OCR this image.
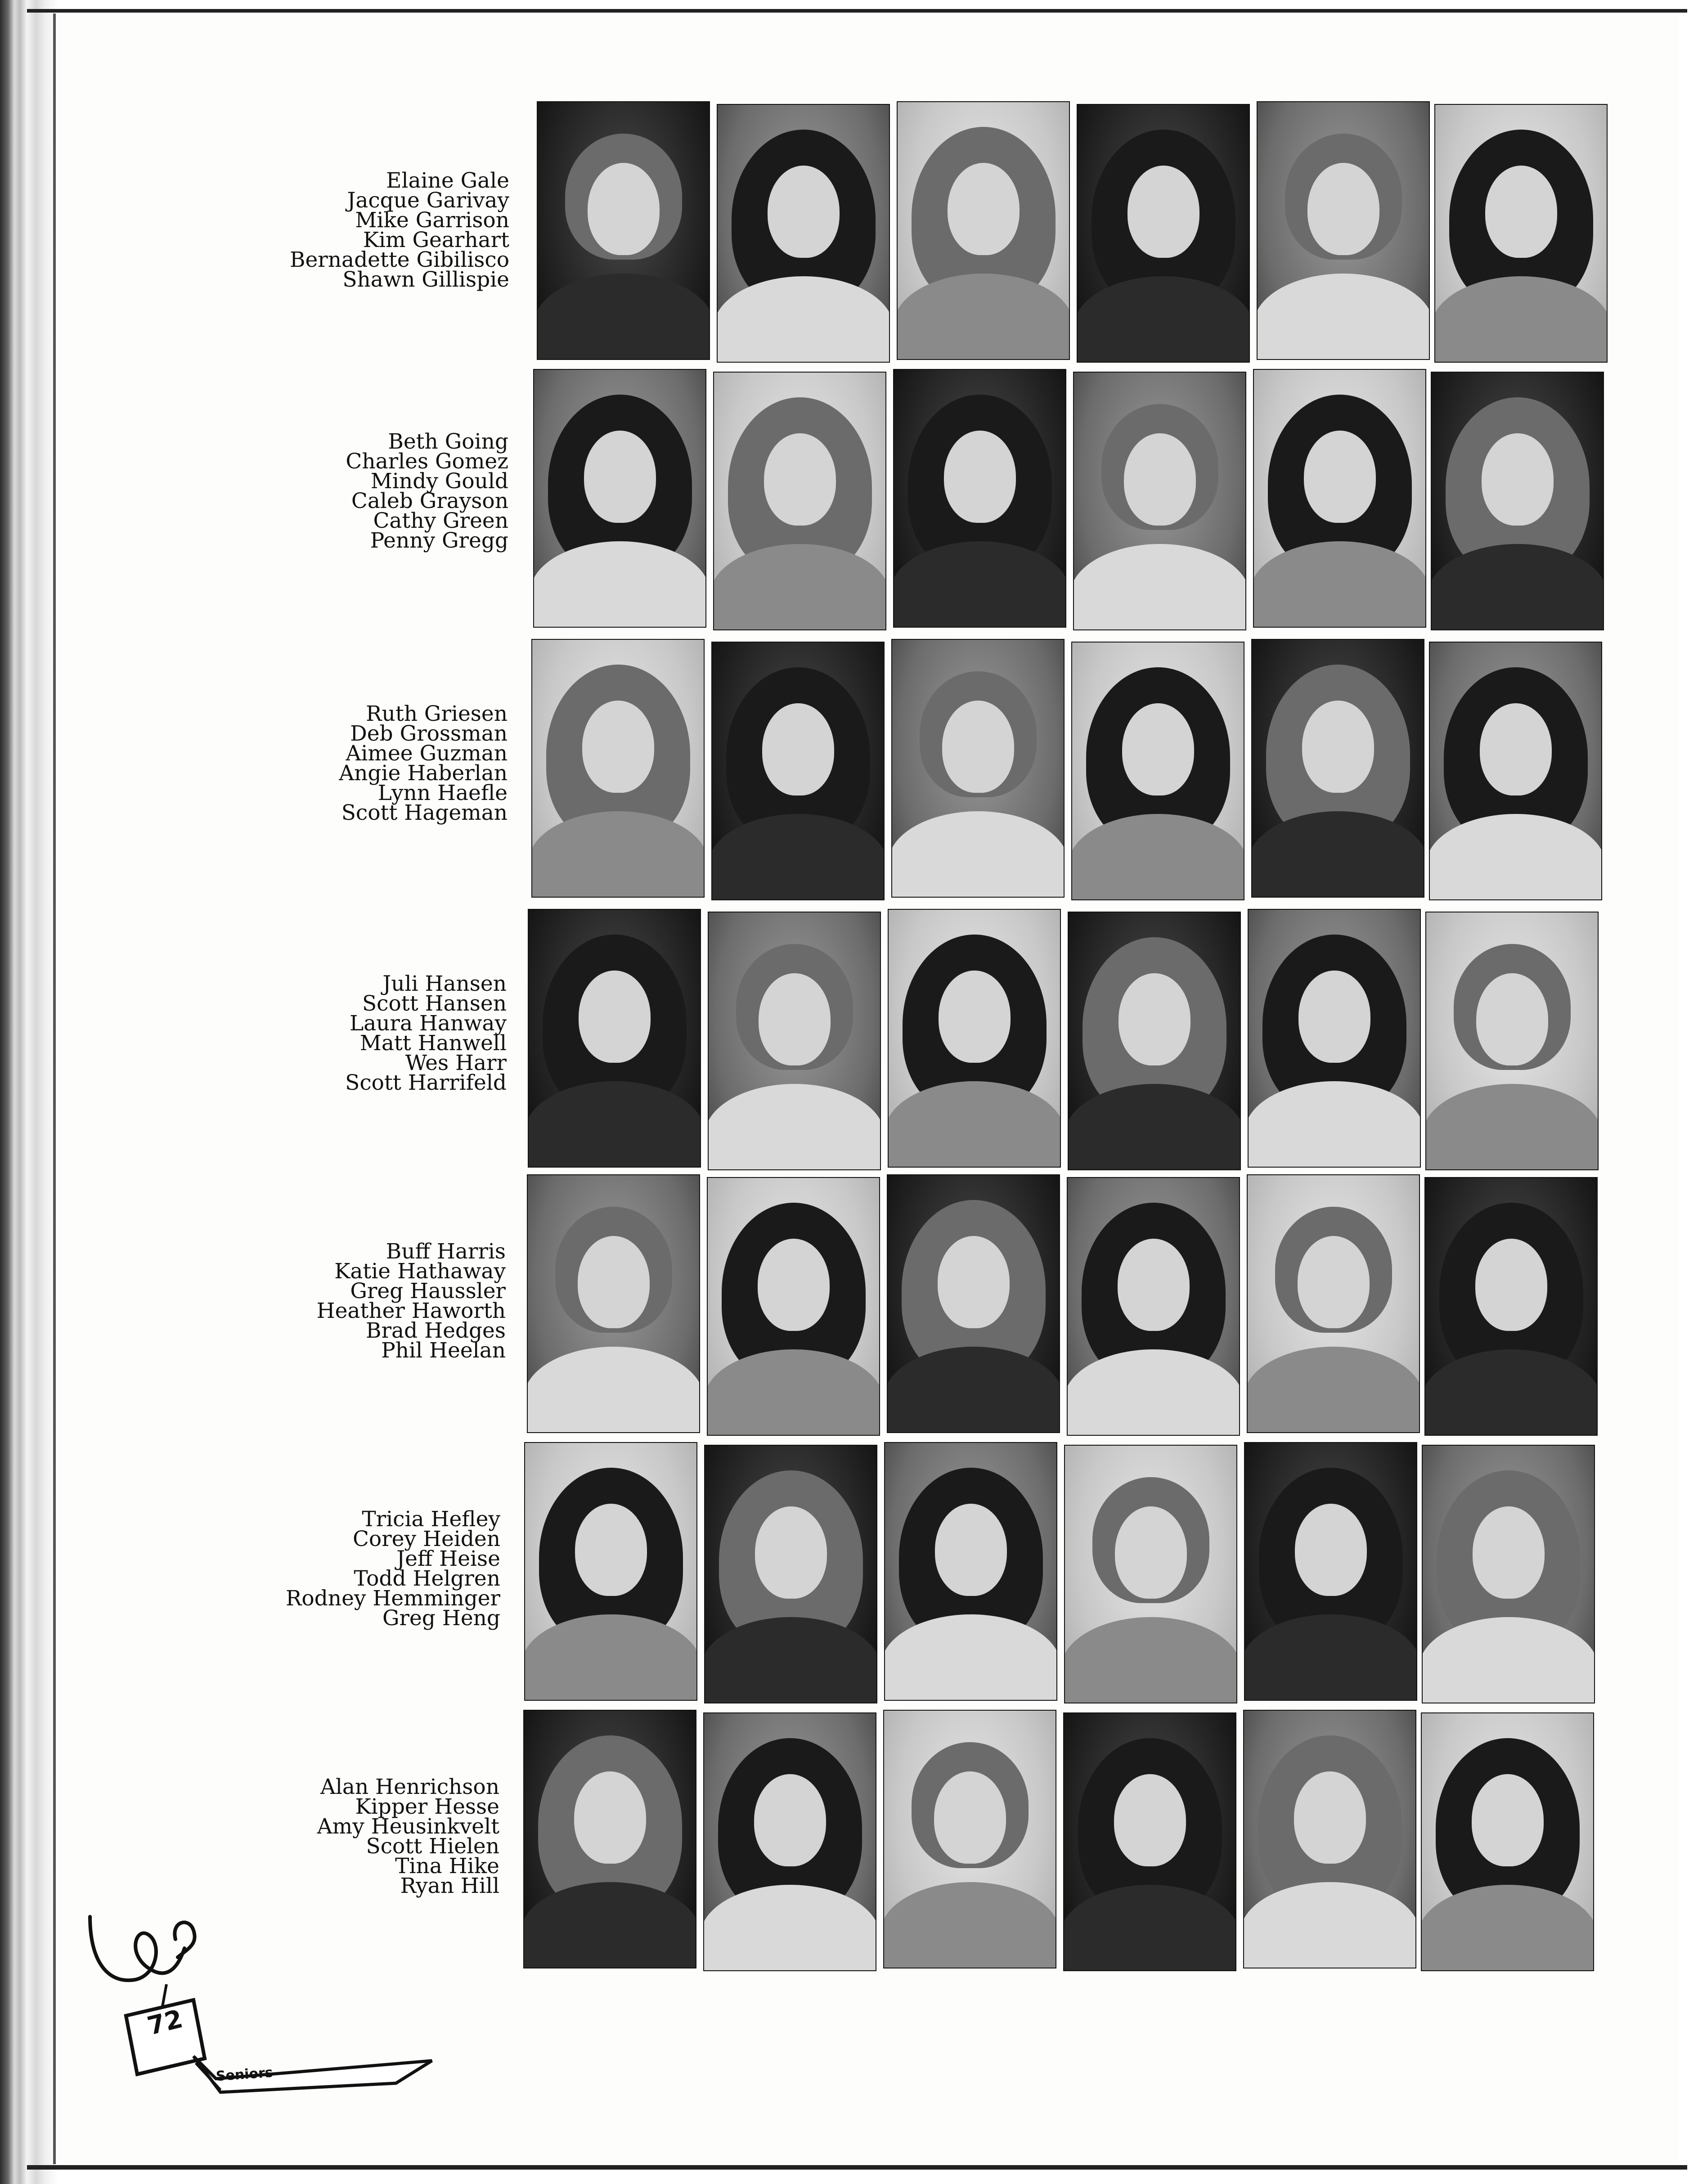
Elaine Gale
Jacque Garivay
Mike Garrison
Kim Gearhart
Bernadette Gibilisco
Shawn Gillispie
Beth Going
Charles Gomez
Mindy Gould
Caleb Grayson
Cathy Green
Penny Gregg
Ruth Griesen
Deb Grossman
Aimee Guzman
Angie Haberlan
Lynn Haefle
Scott Hageman
Juli Hansen
Scott Hansen
Laura Hanway
Matt Hanwell
Wes Harr
Scott Harrifeld
Buff Harris
Katie Hathaway
Greg Haussler
Heather Haworth
Brad Hedges
Phil Heelan
Tricia Hefley
Corey Heiden
Jeff Heise
Todd Helgren
Rodney Hemminger
Greg Heng
Alan Henrichson
Kipper Hesse
Amy Heusinkvelt
Scott Hielen
Tina Hike
Ryan Hill
72
Seniors
